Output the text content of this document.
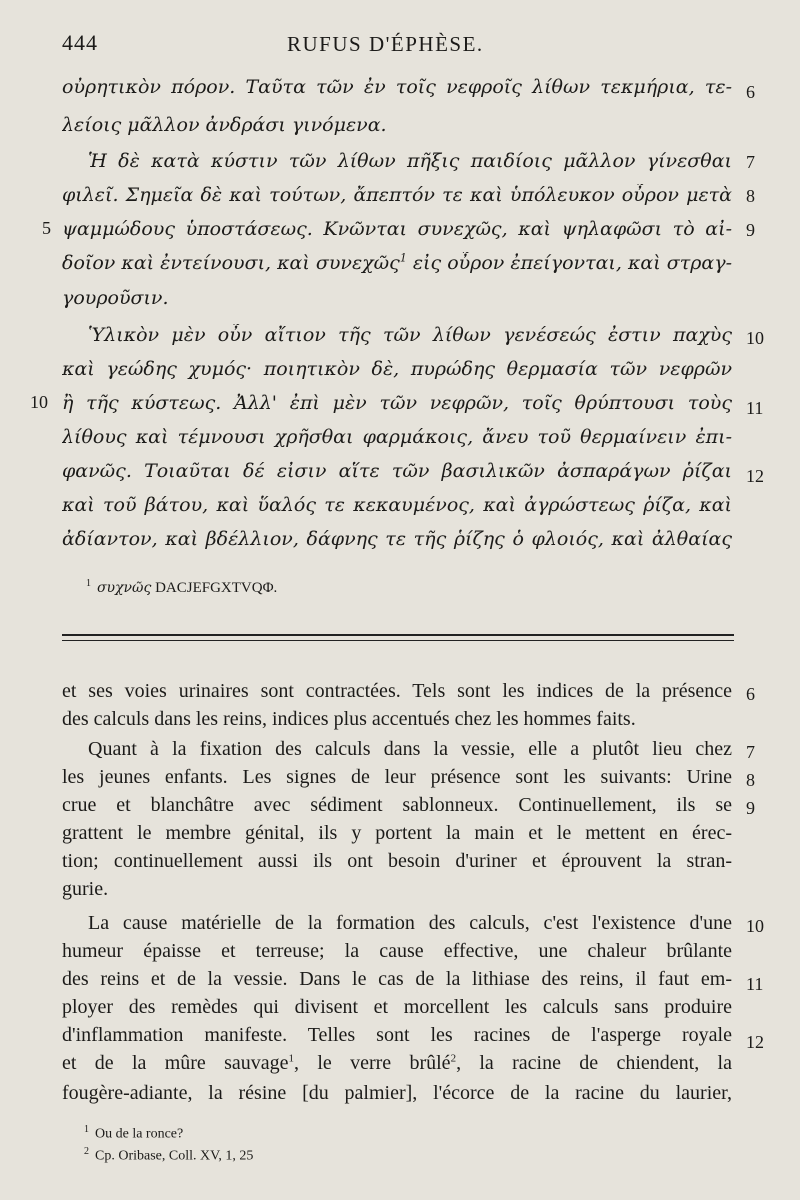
444	RUFUS D'ÉPHÈSE.
οὐρητικὸν πόρον. Ταῦτα τῶν ἐν τοῖς νεφροῖς λίθων τεκμήρια, τε-
λείοις μᾶλλον ἀνδράσι γινόμενα.
Ἡ δὲ κατὰ κύστιν τῶν λίθων πῆξις παιδίοις μᾶλλον γίνεσθαι
φιλεῖ. Σημεῖα δὲ καὶ τούτων, ἄπεπτόν τε καὶ ὑπόλευκον οὖρον μετὰ
ψαμμώδους ὑποστάσεως. Κνῶνται συνεχῶς, καὶ ψηλαφῶσι τὸ αἰ-
δοῖον καὶ ἐντείνουσι, καὶ συνεχῶς$^1$ εἰς οὖρον ἐπείγονται, καὶ στραγ-
γουροῦσιν.
Ὑλικὸν μὲν οὖν αἴτιον τῆς τῶν λίθων γενέσεώς ἐστιν παχὺς
καὶ γεώδης χυμός· ποιητικὸν δὲ, πυρώδης θερμασία τῶν νεφρῶν
ἢ τῆς κύστεως. Ἀλλ' ἐπὶ μὲν τῶν νεφρῶν, τοῖς θρύπτουσι τοὺς
λίθους καὶ τέμνουσι χρῆσθαι φαρμάκοις, ἄνευ τοῦ θερμαίνειν ἐπι-
φανῶς. Τοιαῦται δέ εἰσιν αἵτε τῶν βασιλικῶν ἀσπαράγων ῥίζαι
καὶ τοῦ βάτου, καὶ ὕαλός τε κεκαυμένος, καὶ ἀγρώστεως ῥίζα, καὶ
ἀδίαντον, καὶ βδέλλιον, δάφνης τε τῆς ῥίζης ὁ φλοιός, καὶ ἀλθαίας
6
7
8
9
10
11
12
5
10
$^1$ συχνῶς DACJEFGXTVQΦ.
et ses voies urinaires sont contractées. Tels sont les indices de la présence
des calculs dans les reins, indices plus accentués chez les hommes faits.
Quant à la fixation des calculs dans la vessie, elle a plutôt lieu chez
les jeunes enfants. Les signes de leur présence sont les suivants: Urine
crue et blanchâtre avec sédiment sablonneux. Continuellement, ils se
grattent le membre génital, ils y portent la main et le mettent en érec-
tion; continuellement aussi ils ont besoin d'uriner et éprouvent la stran-
gurie.
La cause matérielle de la formation des calculs, c'est l'existence d'une
humeur épaisse et terreuse; la cause effective, une chaleur brûlante
des reins et de la vessie. Dans le cas de la lithiase des reins, il faut em-
ployer des remèdes qui divisent et morcellent les calculs sans produire
d'inflammation manifeste. Telles sont les racines de l'asperge royale
et de la mûre sauvage$^1$, le verre brûlé$^2$, la racine de chiendent, la
fougère-adiante, la résine [du palmier], l'écorce de la racine du laurier,
6
7
8
9
10
11
12
$^1$ Ou de la ronce?
$^2$ Cp. Oribase, Coll. XV, 1, 25
